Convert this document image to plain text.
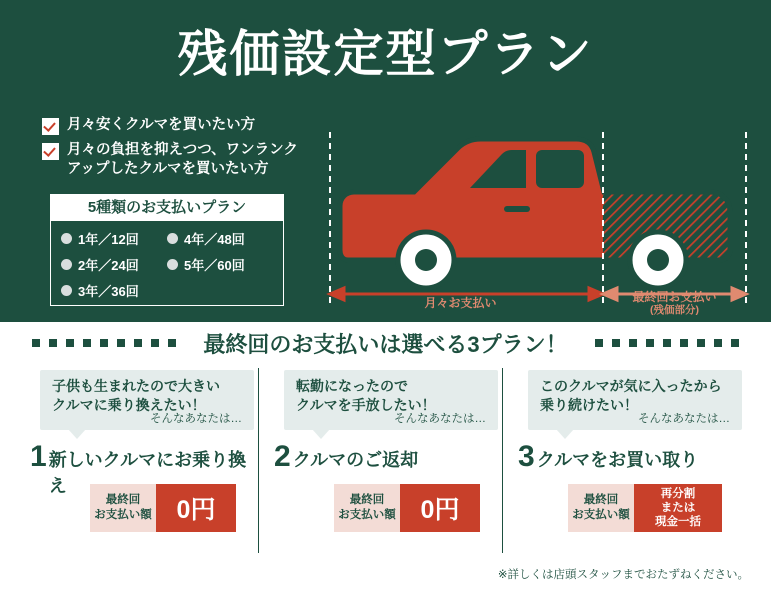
残価設定型プラン
月々安くクルマを買いたい方
月々の負担を抑えつつ、ワンランク
アップしたクルマを買いたい方
5種類のお支払いプラン
1年／12回	4年／48回
2年／24回	5年／60回
3年／36回
月々お支払い	最終回お支払い
(残価部分)
最終回のお支払いは選べる3プラン！
子供も生まれたので大きい
クルマに乗り換えたい！
そんなあなたは…
1 新しいクルマにお乗り換え
最終回
お支払い額 0円
転勤になったので
クルマを手放したい！
そんなあなたは…
2 クルマのご返却
最終回
お支払い額 0円
このクルマが気に入ったから
乗り続けたい！
そんなあなたは…
3 クルマをお買い取り
最終回
お支払い額
再分割
または
現金一括
※詳しくは店頭スタッフまでおたずねください。
